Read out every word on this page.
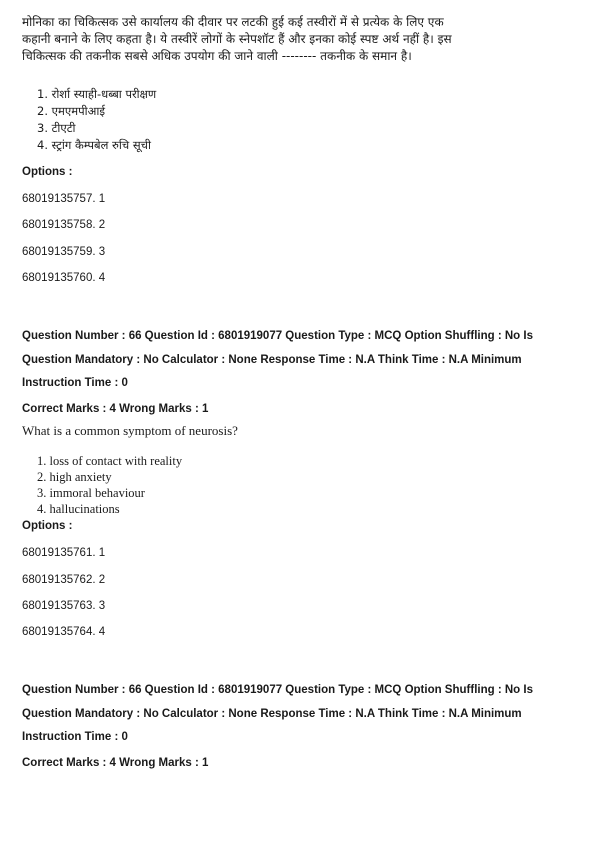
मोनिका का चिकित्सक उसे कार्यालय की दीवार पर लटकी हुई कई तस्वीरों में से प्रत्येक के लिए एक

कहानी बनाने के लिए कहता है। ये तस्वीरें लोगों के स्नेपशॉट हैं और इनका कोई स्पष्ट अर्थ नहीं है। इस

चिकित्सक की तकनीक सबसे अधिक उपयोग की जाने वाली -------- तकनीक के समान है।

1. रोर्शा स्याही-धब्बा परीक्षण
2. एमएमपीआई
3. टीएटी
4. स्ट्रांग कैम्पबेल रुचि सूची
Options :
68019135757. 1
68019135758. 2
68019135759. 3
68019135760. 4
Question Number : 66 Question Id : 6801919077 Question Type : MCQ Option Shuffling : No Is
Question Mandatory : No Calculator : None Response Time : N.A Think Time : N.A Minimum
Instruction Time : 0
Correct Marks : 4 Wrong Marks : 1
What is a common symptom of neurosis?
1. loss of contact with reality
2. high anxiety
3. immoral behaviour
4. hallucinations
Options :
68019135761. 1
68019135762. 2
68019135763. 3
68019135764. 4
Question Number : 66 Question Id : 6801919077 Question Type : MCQ Option Shuffling : No Is
Question Mandatory : No Calculator : None Response Time : N.A Think Time : N.A Minimum
Instruction Time : 0
Correct Marks : 4 Wrong Marks : 1
